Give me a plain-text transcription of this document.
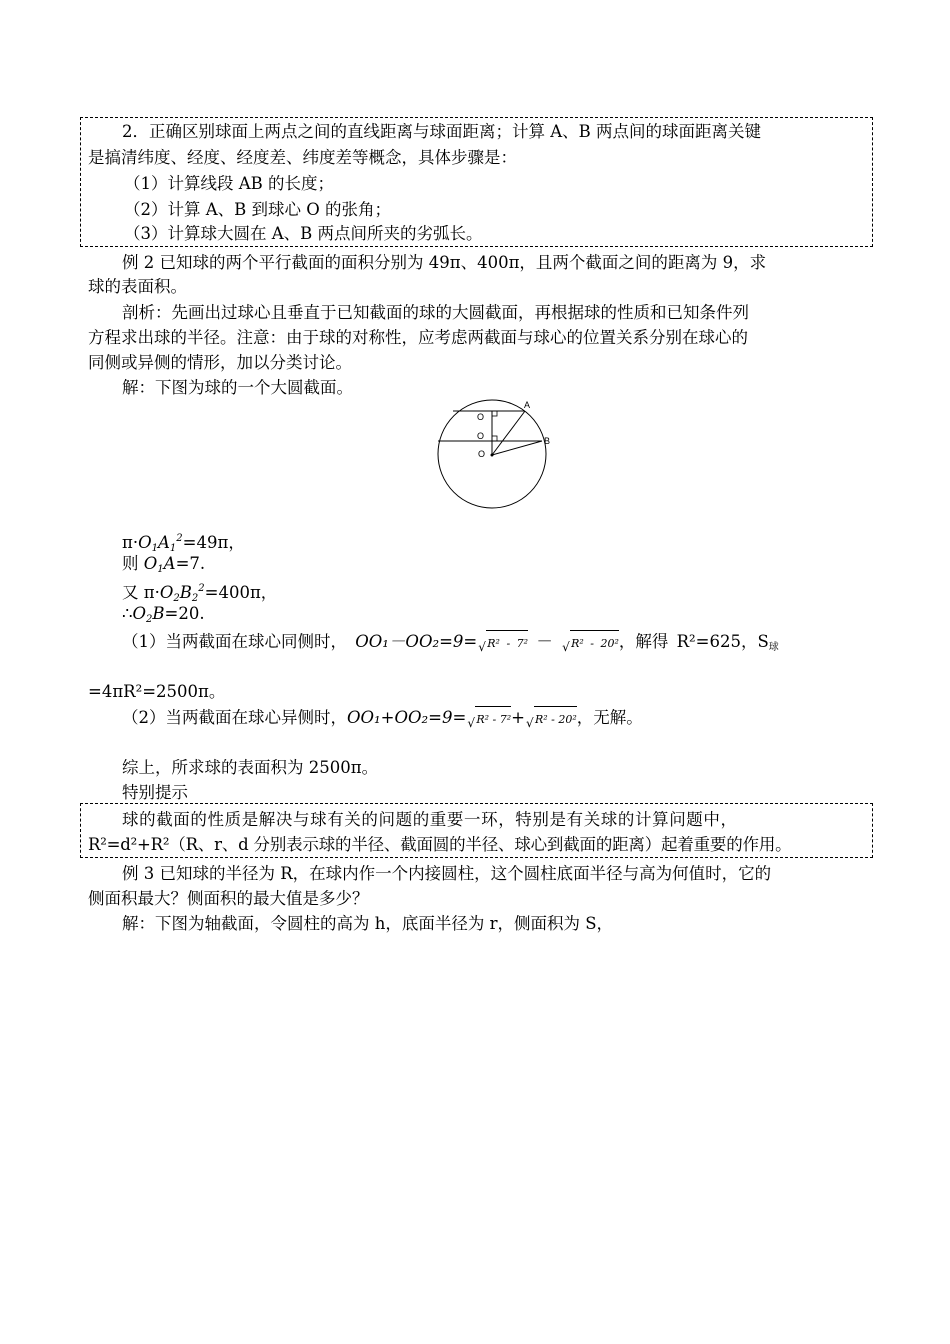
2．正确区别球面上两点之间的直线距离与球面距离；计算 A、B 两点间的球面距离关键
是搞清纬度、经度、经度差、纬度差等概念，具体步骤是：
（1）计算线段 AB 的长度；
（2）计算 A、B 到球心 O 的张角；
（3）计算球大圆在 A、B 两点间所夹的劣弧长。
例 2 已知球的两个平行截面的面积分别为 49π、400π，且两个截面之间的距离为 9，求
球的表面积。
剖析：先画出过球心且垂直于已知截面的球的大圆截面，再根据球的性质和已知条件列
方程求出球的半径。注意：由于球的对称性，应考虑两截面与球心的位置关系分别在球心的
同侧或异侧的情形，加以分类讨论。
解：下图为球的一个大圆截面。
A
B
O
O
O
$\pi\cdot O_1A_1^2=49\pi$，
则 $O_1A=7$.
又 $\pi\cdot O_2B_2^2=400\pi$，
$\therefore O_2B=20$.
（1）当两截面在球心同侧时， OO₁－OO₂=9= √ R² - 7² － √ R² - 20²，解得 R²=625，$S_球$
=4πR²=2500π。
（2）当两截面在球心异侧时，OO₁+OO₂=9= √ R² - 7²+ √ R² - 20²，无解。
综上，所求球的表面积为 2500π。
特别提示
球的截面的性质是解决与球有关的问题的重要一环，特别是有关球的计算问题中，
R²=d²+R²（R、r、d 分别表示球的半径、截面圆的半径、球心到截面的距离）起着重要的作用。
例 3 已知球的半径为 R，在球内作一个内接圆柱，这个圆柱底面半径与高为何值时，它的
侧面积最大？侧面积的最大值是多少？
解：下图为轴截面，令圆柱的高为 h，底面半径为 r，侧面积为 S，
